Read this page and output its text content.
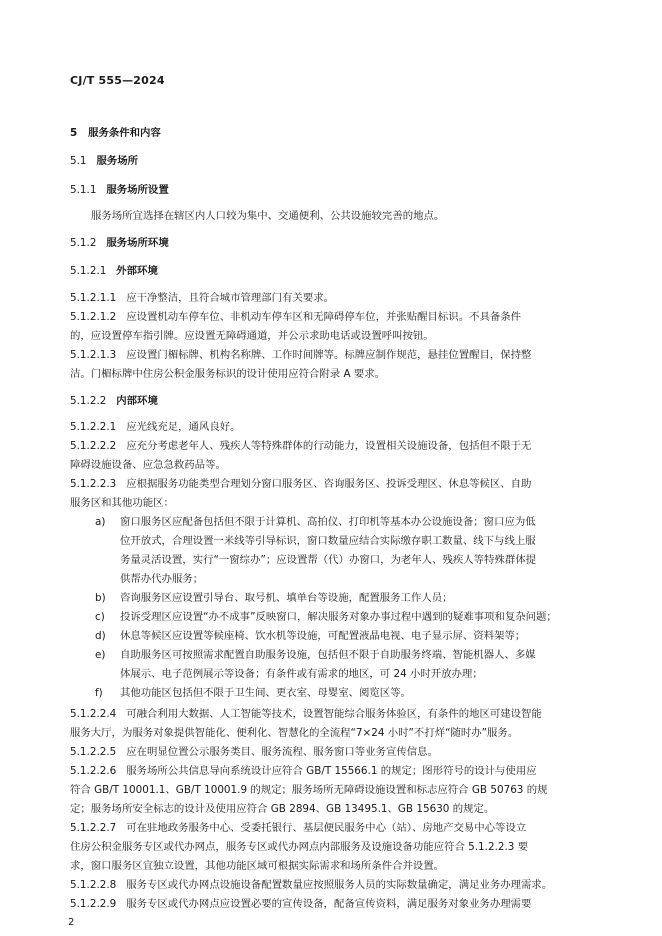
CJ/T 555—2024
5 服务条件和内容
5.1 服务场所
5.1.1 服务场所设置
服务场所宜选择在辖区内人口较为集中、交通便利、公共设施较完善的地点。
5.1.2 服务场所环境
5.1.2.1 外部环境
5.1.2.1.1 应干净整洁，且符合城市管理部门有关要求。
5.1.2.1.2 应设置机动车停车位、非机动车停车区和无障碍停车位，并张贴醒目标识。不具备条件
的，应设置停车指引牌。应设置无障碍通道，并公示求助电话或设置呼叫按钮。
5.1.2.1.3 应设置门楣标牌、机构名称牌、工作时间牌等。标牌应制作规范，悬挂位置醒目，保持整
洁。门楣标牌中住房公积金服务标识的设计使用应符合附录 A 要求。
5.1.2.2 内部环境
5.1.2.2.1 应光线充足，通风良好。
5.1.2.2.2 应充分考虑老年人、残疾人等特殊群体的行动能力，设置相关设施设备，包括但不限于无
障碍设施设备、应急急救药品等。
5.1.2.2.3 应根据服务功能类型合理划分窗口服务区、咨询服务区、投诉受理区、休息等候区、自助
服务区和其他功能区：
a) 窗口服务区应配备包括但不限于计算机、高拍仪、打印机等基本办公设施设备；窗口应为低
位开放式，合理设置一米线等引导标识，窗口数量应结合实际缴存职工数量、线下与线上服
务量灵活设置，实行“一窗综办”；应设置帮（代）办窗口，为老年人、残疾人等特殊群体提
供帮办代办服务；
b) 咨询服务区应设置引导台、取号机、填单台等设施，配置服务工作人员；
c) 投诉受理区应设置“办不成事”反映窗口，解决服务对象办事过程中遇到的疑难事项和复杂问题；
d) 休息等候区应设置等候座椅、饮水机等设施，可配置液晶电视、电子显示屏、资料架等；
e) 自助服务区可按照需求配置自助服务设施，包括但不限于自助服务终端、智能机器人、多媒
体展示、电子范例展示等设备；有条件或有需求的地区，可 24 小时开放办理；
f) 其他功能区包括但不限于卫生间、更衣室、母婴室、阅览区等。
5.1.2.2.4 可融合利用大数据、人工智能等技术，设置智能综合服务体验区，有条件的地区可建设智能
服务大厅，为服务对象提供智能化、便利化、智慧化的全流程“7×24 小时”不打烊“随时办”服务。
5.1.2.2.5 应在明显位置公示服务类目、服务流程、服务窗口等业务宣传信息。
5.1.2.2.6 服务场所公共信息导向系统设计应符合 GB/T 15566.1 的规定；图形符号的设计与使用应
符合 GB/T 10001.1、GB/T 10001.9 的规定；服务场所无障碍设施设置和标志应符合 GB 50763 的规
定；服务场所安全标志的设计及使用应符合 GB 2894、GB 13495.1、GB 15630 的规定。
5.1.2.2.7 可在驻地政务服务中心、受委托银行、基层便民服务中心（站）、房地产交易中心等设立
住房公积金服务专区或代办网点，服务专区或代办网点内部服务及设施设备功能应符合 5.1.2.2.3 要
求，窗口服务区宜独立设置，其他功能区域可根据实际需求和场所条件合并设置。
5.1.2.2.8 服务专区或代办网点设施设备配置数量应按照服务人员的实际数量确定，满足业务办理需求。
5.1.2.2.9 服务专区或代办网点应设置必要的宣传设备，配备宣传资料，满足服务对象业务办理需要
2
